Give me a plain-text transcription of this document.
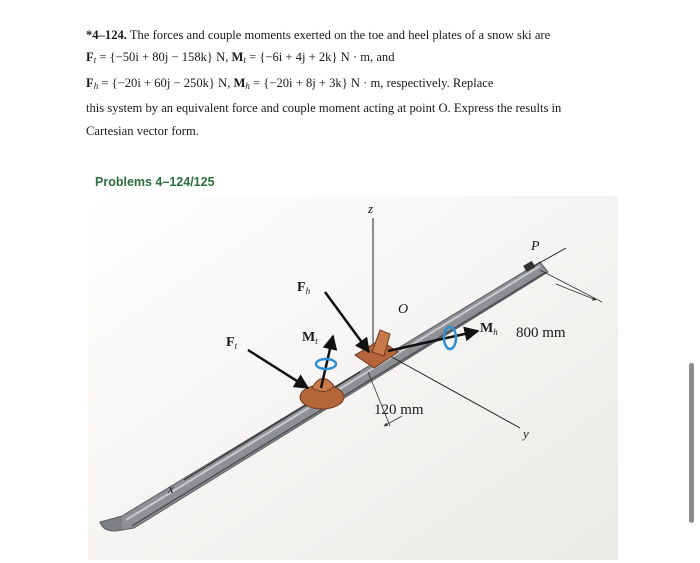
*4–124. The forces and couple moments exerted on the toe and heel plates of a snow ski are

$F_t = \{-50i + 80j - 158k\}$ N, $M_t = \{-6i + 4j + 2k\} N \cdot m$, and

$F_h = \{-20i + 60j - 250k\}$ N, $M_h = \{-20i + 8j + 3k\} N \cdot m$, respectively. Replace

this system by an equivalent force and couple moment acting at point O. Express the results in

Cartesian vector form.

Problems 4–124/125
z
P
y
x
O
$F_h$
$F_t$
$M_t$
$M_h$ 800 mm
120 mm
